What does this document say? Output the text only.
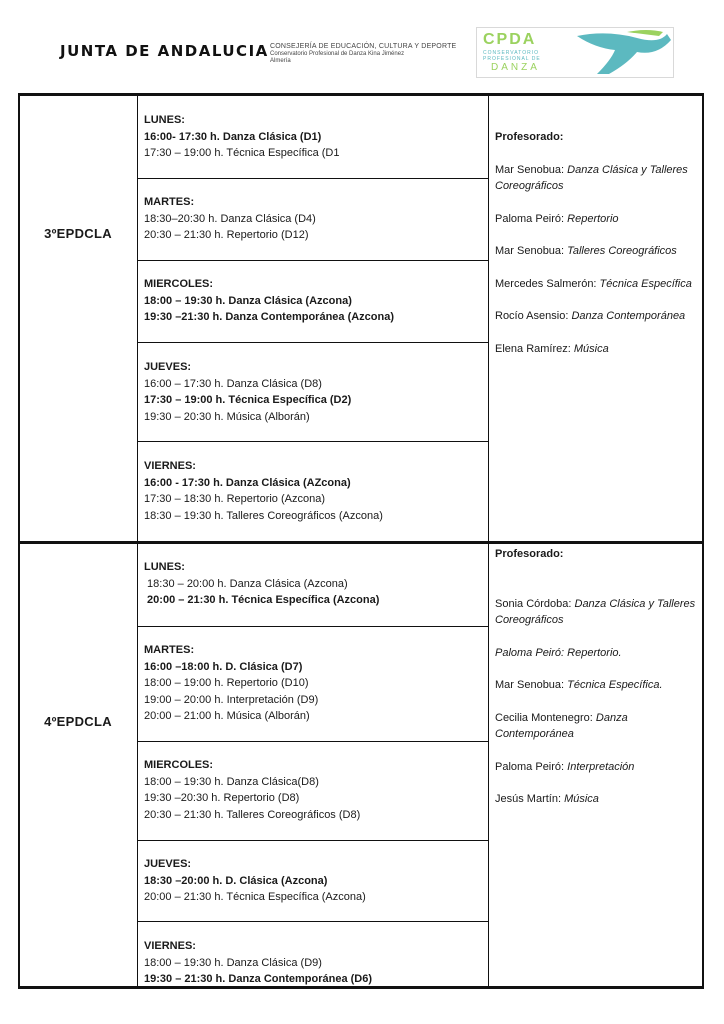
JUNTA DE ANDALUCIA CONSEJERÍA DE EDUCACIÓN, CULTURA Y DEPORTE
Conservatorio Profesional de Danza Kina Jiménez
Almería
CPDA
CONSERVATORIO
PROFESIONAL DE
DANZA
3ºEPDCLA
LUNES:
16:00- 17:30 h. Danza Clásica (D1)
17:30 – 19:00 h. Técnica Específica (D1
MARTES:
18:30–20:30 h. Danza Clásica (D4)
20:30 – 21:30 h. Repertorio (D12)
MIERCOLES:
18:00 – 19:30 h. Danza Clásica (Azcona)
19:30 –21:30 h. Danza Contemporánea (Azcona)
JUEVES:
16:00 – 17:30 h. Danza Clásica (D8)
17:30 – 19:00 h. Técnica Específica (D2)
19:30 – 20:30 h. Música (Alborán)
VIERNES:
16:00 - 17:30 h. Danza Clásica (AZcona)
17:30 – 18:30 h. Repertorio (Azcona)
18:30 – 19:30 h. Talleres Coreográficos (Azcona)
Profesorado:
Mar Senobua: Danza Clásica y Talleres Coreográficos
Paloma Peiró: Repertorio
Mar Senobua: Talleres Coreográficos
Mercedes Salmerón: Técnica Específica
Rocío Asensio: Danza Contemporánea
Elena Ramírez: Música
4ºEPDCLA
LUNES:
18:30 – 20:00 h. Danza Clásica (Azcona)
20:00 – 21:30 h. Técnica Específica (Azcona)
MARTES:
16:00 –18:00 h. D. Clásica (D7)
18:00 – 19:00 h. Repertorio (D10)
19:00 – 20:00 h. Interpretación (D9)
20:00 – 21:00 h. Música (Alborán)
MIERCOLES:
18:00 – 19:30 h. Danza Clásica(D8)
19:30 –20:30 h. Repertorio (D8)
20:30 – 21:30 h. Talleres Coreográficos (D8)
JUEVES:
18:30 –20:00 h. D. Clásica (Azcona)
20:00 – 21:30 h. Técnica Específica (Azcona)
VIERNES:
18:00 – 19:30 h. Danza Clásica (D9)
19:30 – 21:30 h. Danza Contemporánea (D6)
Profesorado:
Sonia Córdoba: Danza Clásica y Talleres Coreográficos
Paloma Peiró: Repertorio.
Mar Senobua: Técnica Específica.
Cecilia Montenegro: Danza Contemporánea
Paloma Peiró: Interpretación
Jesús Martín: Música
